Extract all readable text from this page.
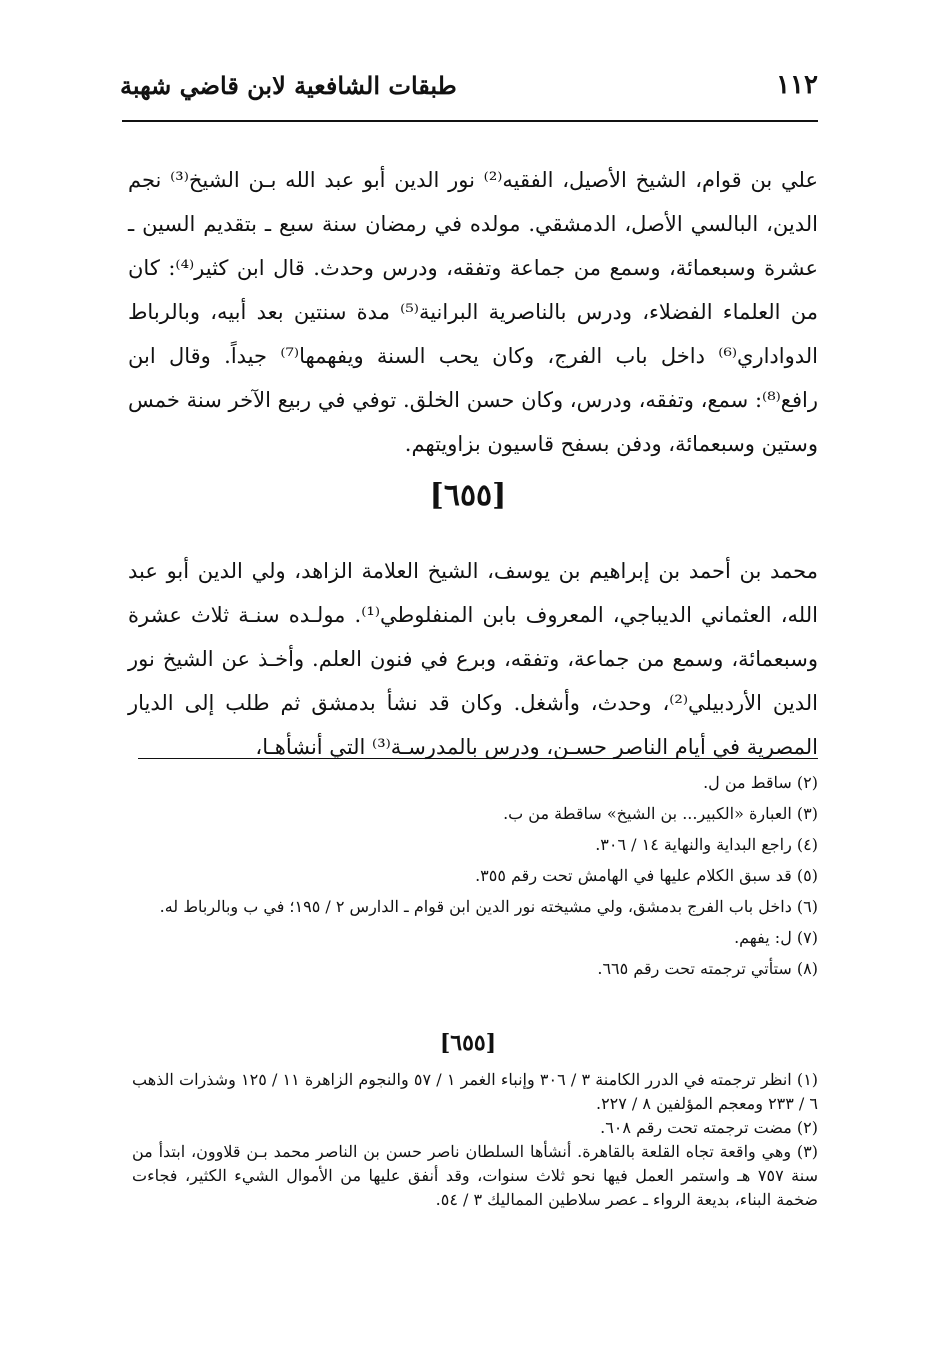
١١٢
طبقات الشافعية لابن قاضي شهبة

علي بن قوام، الشيخ الأصيل، الفقيه⁽²⁾ نور الدين أبو عبد الله بـن الشيخ⁽³⁾ نجم الدين، البالسي الأصل، الدمشقي. مولده في رمضان سنة سبع ـ بتقديم السين ـ عشرة وسبعمائة، وسمع من جماعة وتفقه، ودرس وحدث. قال ابن كثير⁽⁴⁾: كان من العلماء الفضلاء، ودرس بالناصرية البرانية⁽⁵⁾ مدة سنتين بعد أبيه، وبالرباط الدواداري⁽⁶⁾ داخل باب الفرج، وكان يحب السنة ويفهمها⁽⁷⁾ جيداً. وقال ابن رافع⁽⁸⁾: سمع، وتفقه، ودرس، وكان حسن الخلق. توفي في ربيع الآخر سنة خمس وستين وسبعمائة، ودفن بسفح قاسيون بزاويتهم.

[٦٥٥]

محمد بن أحمد بن إبراهيم بن يوسف، الشيخ العلامة الزاهد، ولي الدين أبو عبد الله، العثماني الديباجي، المعروف بابن المنفلوطي⁽¹⁾. مولـده سنـة ثلاث عشرة وسبعمائة، وسمع من جماعة، وتفقه، وبرع في فنون العلم. وأخـذ عن الشيخ نور الدين الأردبيلي⁽²⁾، وحدث، وأشغل. وكان قد نشأ بدمشق ثم طلب إلى الديار المصرية في أيام الناصر حسـن، ودرس بالمدرسـة⁽³⁾ التي أنشأهـا،

(٢) ساقط من ل.

(٣) العبارة «الكبير... بن الشيخ» ساقطة من ب.

(٤) راجع البداية والنهاية ١٤ / ٣٠٦.

(٥) قد سبق الكلام عليها في الهامش تحت رقم ٣٥٥.

(٦) داخل باب الفرج بدمشق، ولي مشيخته نور الدين ابن قوام ـ الدارس ٢ / ١٩٥؛ في ب وبالرباط له.

(٧) ل: يفهم.

(٨) ستأتي ترجمته تحت رقم ٦٦٥.

[٦٥٥]

(١) انظر ترجمته في الدرر الكامنة ٣ / ٣٠٦ وإنباء الغمر ١ / ٥٧ والنجوم الزاهرة ١١ / ١٢٥ وشذرات الذهب ٦ / ٢٣٣ ومعجم المؤلفين ٨ / ٢٢٧.

(٢) مضت ترجمته تحت رقم ٦٠٨.

(٣) وهي واقعة تجاه القلعة بالقاهرة. أنشأها السلطان ناصر حسن بن الناصر محمد بـن قلاوون، ابتدأ من سنة ٧٥٧ هـ واستمر العمل فيها نحو ثلاث سنوات، وقد أنفق عليها من الأموال الشيء الكثير، فجاءت ضخمة البناء، بديعة الرواء ـ عصر سلاطين المماليك ٣ / ٥٤.
